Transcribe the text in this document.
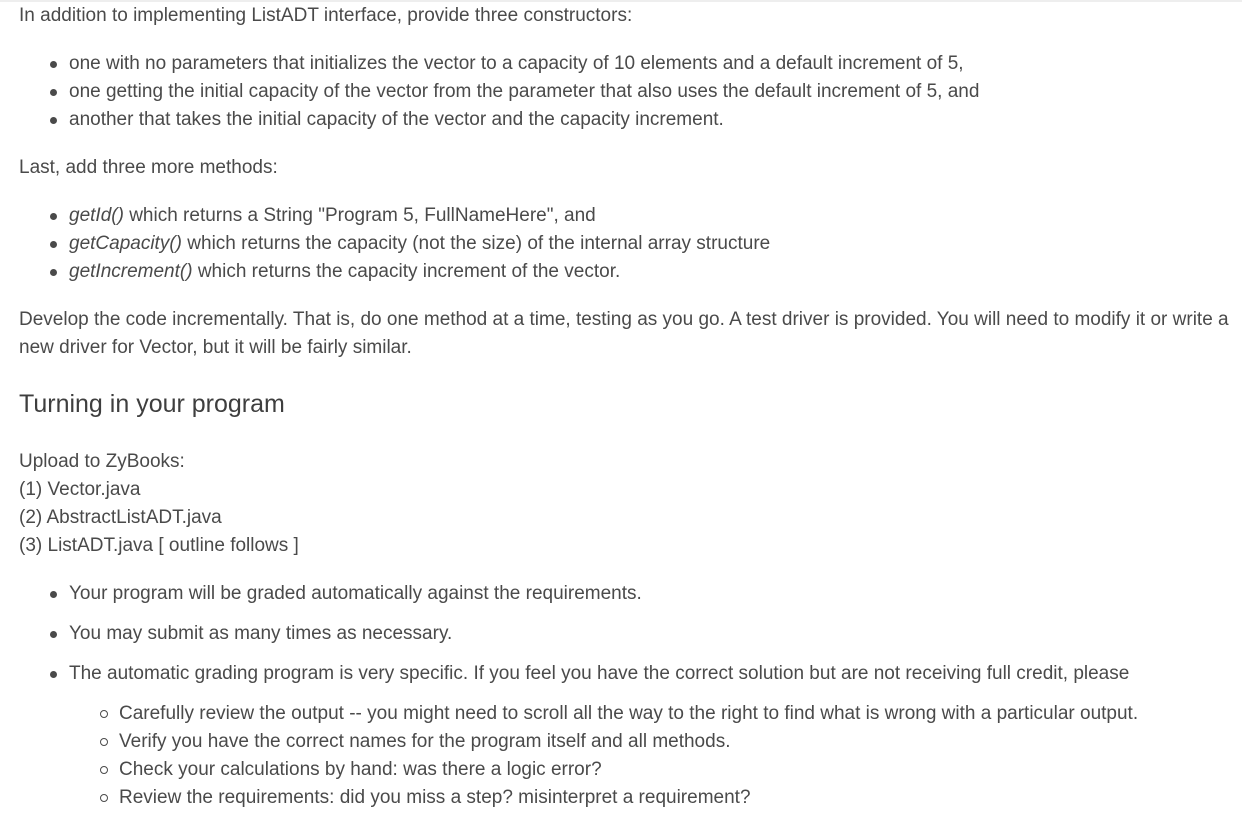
In addition to implementing ListADT interface, provide three constructors:

one with no parameters that initializes the vector to a capacity of 10 elements and a default increment of 5,
one getting the initial capacity of the vector from the parameter that also uses the default increment of 5, and
another that takes the initial capacity of the vector and the capacity increment.

Last, add three more methods:

getId() which returns a String "Program 5, FullNameHere", and
getCapacity() which returns the capacity (not the size) of the internal array structure
getIncrement() which returns the capacity increment of the vector.

Develop the code incrementally. That is, do one method at a time, testing as you go. A test driver is provided. You will need to modify it or write a new driver for Vector, but it will be fairly similar.

Turning in your program

Upload to ZyBooks:

(1) Vector.java

(2) AbstractListADT.java

(3) ListADT.java [ outline follows ]

Your program will be graded automatically against the requirements.
You may submit as many times as necessary.
The automatic grading program is very specific. If you feel you have the correct solution but are not receiving full credit, please
Carefully review the output -- you might need to scroll all the way to the right to find what is wrong with a particular output.
Verify you have the correct names for the program itself and all methods.
Check your calculations by hand: was there a logic error?
Review the requirements: did you miss a step? misinterpret a requirement?
